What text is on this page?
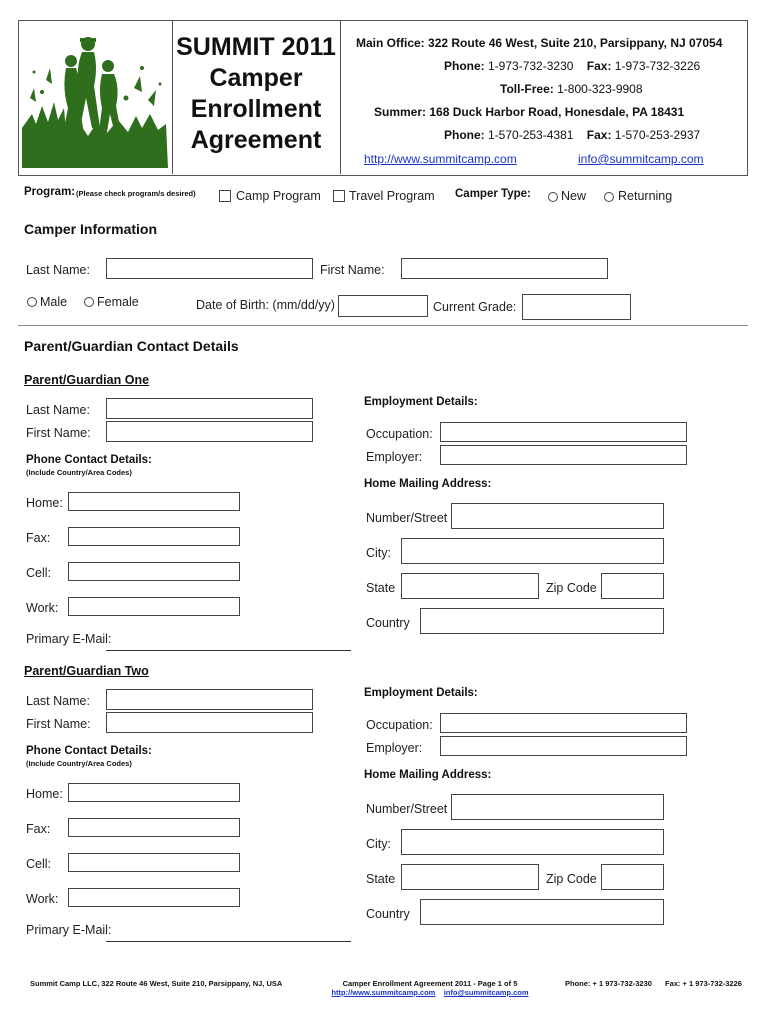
SUMMIT 2011
Camper
Enrollment
Agreement
Main Office: 322 Route 46 West, Suite 210, Parsippany, NJ 07054
Phone: 1-973-732-3230 Fax: 1-973-732-3226
Toll-Free: 1-800-323-9908
Summer: 168 Duck Harbor Road, Honesdale, PA 18431
Phone: 1-570-253-4381 Fax: 1-570-253-2937
http://www.summitcamp.com	info@summitcamp.com
Program: (Please check program/s desired)	Camp Program Travel Program Camper Type: New	Returning
Camper Information
Last Name:	First Name:
Male Female	Date of Birth: (mm/dd/yy)	Current Grade:
Parent/Guardian Contact Details
Parent/Guardian One
Last Name:
First Name:
Phone Contact Details:
(Include Country/Area Codes)
Home:
Fax:
Cell:
Work:
Primary E-Mail:
Employment Details:
Occupation:
Employer:
Home Mailing Address:
Number/Street
City:
State	Zip Code
Country
Parent/Guardian Two
Last Name:
First Name:
Phone Contact Details:
(Include Country/Area Codes)
Home:
Fax:
Cell:
Work:
Primary E-Mail:
Employment Details:
Occupation:
Employer:
Home Mailing Address:
Number/Street
City:
State	Zip Code
Country
Summit Camp LLC, 322 Route 46 West, Suite 210, Parsippany, NJ, USA	Camper Enrollment Agreement 2011 - Page 1 of 5
http://www.summitcamp.com info@summitcamp.com
Phone: + 1 973-732-3230 Fax: + 1 973-732-3226
